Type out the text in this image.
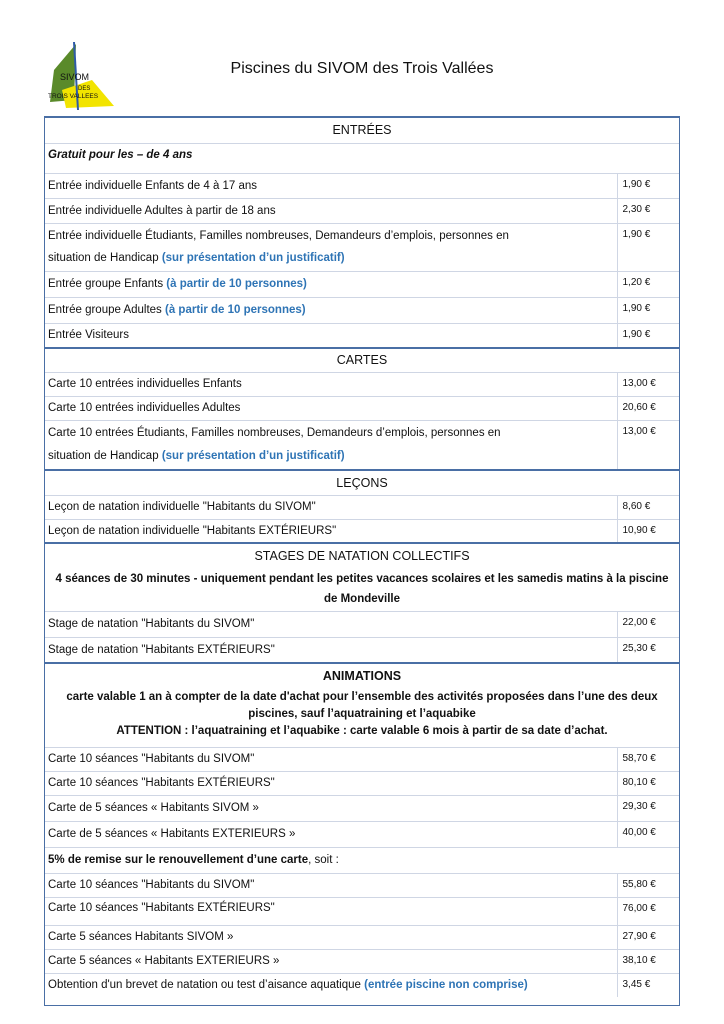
SIVOM
DES
TROIS VALLEES
Piscines du SIVOM des Trois Vallées
ENTRÉES	
Gratuit pour les – de 4 ans	
Entrée individuelle Enfants de 4 à 17 ans	1,90 €
Entrée individuelle Adultes à partir de 18 ans	2,30 €
Entrée individuelle Étudiants, Familles nombreuses, Demandeurs d’emplois, personnes en
situation de Handicap (sur présentation d’un justificatif)	1,90 €
Entrée groupe Enfants (à partir de 10 personnes)	1,20 €
Entrée groupe Adultes (à partir de 10 personnes)	1,90 €
Entrée Visiteurs	1,90 €
CARTES	
Carte 10 entrées individuelles Enfants	13,00 €
Carte 10 entrées individuelles Adultes	20,60 €
Carte 10 entrées Étudiants, Familles nombreuses, Demandeurs d’emplois, personnes en
situation de Handicap (sur présentation d’un justificatif)	13,00 €
LEÇONS	
Leçon de natation individuelle "Habitants du SIVOM"	8,60 €
Leçon de natation individuelle "Habitants EXTÉRIEURS"	10,90 €
STAGES DE NATATION COLLECTIFS	
4 séances de 30 minutes - uniquement pendant les petites vacances scolaires et les samedis matins à la piscine
de Mondeville	
Stage de natation "Habitants du SIVOM"	22,00 €
Stage de natation "Habitants EXTÉRIEURS"	25,30 €
ANIMATIONS	
carte valable 1 an à compter de la date d'achat pour l’ensemble des activités proposées dans l’une des deux
piscines, sauf l’aquatraining et l’aquabike	
ATTENTION : l’aquatraining et l’aquabike : carte valable 6 mois à partir de sa date d’achat.	
Carte 10 séances "Habitants du SIVOM"	58,70 €
Carte 10 séances "Habitants EXTÉRIEURS"	80,10 €
Carte de 5 séances « Habitants SIVOM »	29,30 €
Carte de 5 séances « Habitants EXTERIEURS »	40,00 €
5% de remise sur le renouvellement d’une carte, soit :	
Carte 10 séances "Habitants du SIVOM"	55,80 €
Carte 10 séances "Habitants EXTÉRIEURS"	76,00 €
Carte 5 séances Habitants SIVOM »	27,90 €
Carte 5 séances « Habitants EXTERIEURS »	38,10 €
Obtention d'un brevet de natation ou test d’aisance aquatique (entrée piscine non comprise)	3,45 €
